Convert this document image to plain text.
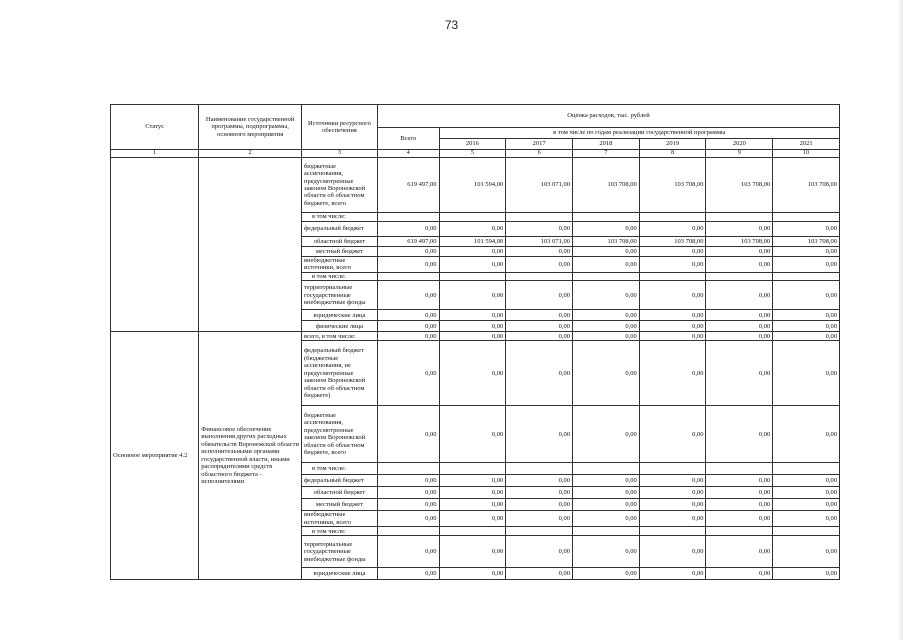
73
Статус	Наименование государственной программы, подпрограммы, основного мероприятия	Источники ресурсного обеспечения	Оценка расходов, тыс. рублей						
			Всего	в том числе по годам реализации государственной программы					
				2016	2017	2018	2019	2020	2021
1	2	3	4	5	6	7	8	9	10
		бюджетные ассигнования, предусмотренные законом Воронежской области об областном бюджете, всего	619 497,00	101 594,00	103 071,00	103 708,00	103 708,00	103 708,00	103 708,00
		в том числе:							
		федеральный бюджет	0,00	0,00	0,00	0,00	0,00	0,00	0,00
		областной бюджет	619 497,00	101 594,00	103 071,00	103 708,00	103 708,00	103 708,00	103 708,00
		местный бюджет	0,00	0,00	0,00	0,00	0,00	0,00	0,00
		внебюджетные источники, всего	0,00	0,00	0,00	0,00	0,00	0,00	0,00
		в том числе:							
		территориальные государственные внебюджетные фонды	0,00	0,00	0,00	0,00	0,00	0,00	0,00
		юридические лица	0,00	0,00	0,00	0,00	0,00	0,00	0,00
		физические лица	0,00	0,00	0,00	0,00	0,00	0,00	0,00
Основное мероприятие 4.2	Финансовое обеспечение выполнения других расходных обязательств Воронежской области исполнительными органами государственной власти, иными распорядителями средств областного бюджета - исполнителями	всего, в том числе:	0,00	0,00	0,00	0,00	0,00	0,00	0,00
		федеральный бюджет (бюджетные ассигнования, не предусмотренные законом Воронежской области об областном бюджете)	0,00	0,00	0,00	0,00	0,00	0,00	0,00
		бюджетные ассигнования, предусмотренные законом Воронежской области об областном бюджете, всего	0,00	0,00	0,00	0,00	0,00	0,00	0,00
		в том числе:							
		федеральный бюджет	0,00	0,00	0,00	0,00	0,00	0,00	0,00
		областной бюджет	0,00	0,00	0,00	0,00	0,00	0,00	0,00
		местный бюджет	0,00	0,00	0,00	0,00	0,00	0,00	0,00
		внебюджетные источники, всего	0,00	0,00	0,00	0,00	0,00	0,00	0,00
		в том числе:							
		территориальные государственные внебюджетные фонды	0,00	0,00	0,00	0,00	0,00	0,00	0,00
		юридические лица	0,00	0,00	0,00	0,00	0,00	0,00	0,00
